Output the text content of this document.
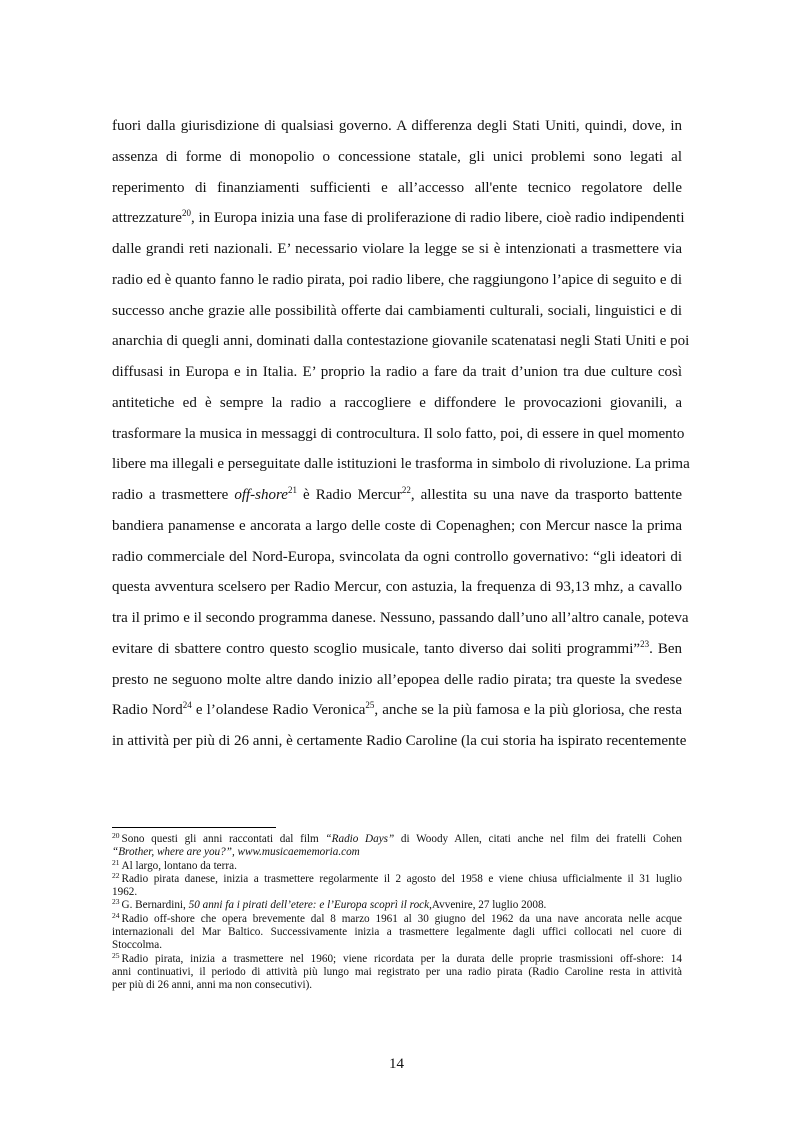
fuori dalla giurisdizione di qualsiasi governo. A differenza degli Stati Uniti, quindi, dove, in
assenza di forme di monopolio o concessione statale, gli unici problemi sono legati al
reperimento di finanziamenti sufficienti e all’accesso all'ente tecnico regolatore delle
attrezzature$^{20}$, in Europa inizia una fase di proliferazione di radio libere, cioè radio indipendenti
dalle grandi reti nazionali. E’ necessario violare la legge se si è intenzionati a trasmettere via
radio ed è quanto fanno le radio pirata, poi radio libere, che raggiungono l’apice di seguito e di
successo anche grazie alle possibilità offerte dai cambiamenti culturali, sociali, linguistici e di
anarchia di quegli anni, dominati dalla contestazione giovanile scatenatasi negli Stati Uniti e poi
diffusasi in Europa e in Italia. E’ proprio la radio a fare da trait d’union tra due culture così
antitetiche ed è sempre la radio a raccogliere e diffondere le provocazioni giovanili, a
trasformare la musica in messaggi di controcultura. Il solo fatto, poi, di essere in quel momento
libere ma illegali e perseguitate dalle istituzioni le trasforma in simbolo di rivoluzione. La prima
radio a trasmettere off-shore$^{21}$ è Radio Mercur$^{22}$, allestita su una nave da trasporto battente
bandiera panamense e ancorata a largo delle coste di Copenaghen; con Mercur nasce la prima
radio commerciale del Nord-Europa, svincolata da ogni controllo governativo: “gli ideatori di
questa avventura scelsero per Radio Mercur, con astuzia, la frequenza di 93,13 mhz, a cavallo
tra il primo e il secondo programma danese. Nessuno, passando dall’uno all’altro canale, poteva
evitare di sbattere contro questo scoglio musicale, tanto diverso dai soliti programmi”$^{23}$. Ben
presto ne seguono molte altre dando inizio all’epopea delle radio pirata; tra queste la svedese
Radio Nord$^{24}$ e l’olandese Radio Veronica$^{25}$, anche se la più famosa e la più gloriosa, che resta
in attività per più di 26 anni, è certamente Radio Caroline (la cui storia ha ispirato recentemente
$^{20}$ Sono questi gli anni raccontati dal film “Radio Days” di Woody Allen, citati anche nel film dei fratelli Cohen
“Brother, where are you?”, www.musicaememoria.com
$^{21}$ Al largo, lontano da terra.
$^{22}$ Radio pirata danese, inizia a trasmettere regolarmente il 2 agosto del 1958 e viene chiusa ufficialmente il 31 luglio
1962.
$^{23}$ G. Bernardini, 50 anni fa i pirati dell’etere: e l’Europa scoprì il rock,Avvenire, 27 luglio 2008.
$^{24}$ Radio off-shore che opera brevemente dal 8 marzo 1961 al 30 giugno del 1962 da una nave ancorata nelle acque
internazionali del Mar Baltico. Successivamente inizia a trasmettere legalmente dagli uffici collocati nel cuore di
Stoccolma.
$^{25}$ Radio pirata, inizia a trasmettere nel 1960; viene ricordata per la durata delle proprie trasmissioni off-shore: 14
anni continuativi, il periodo di attività più lungo mai registrato per una radio pirata (Radio Caroline resta in attività
per più di 26 anni, anni ma non consecutivi).
14
